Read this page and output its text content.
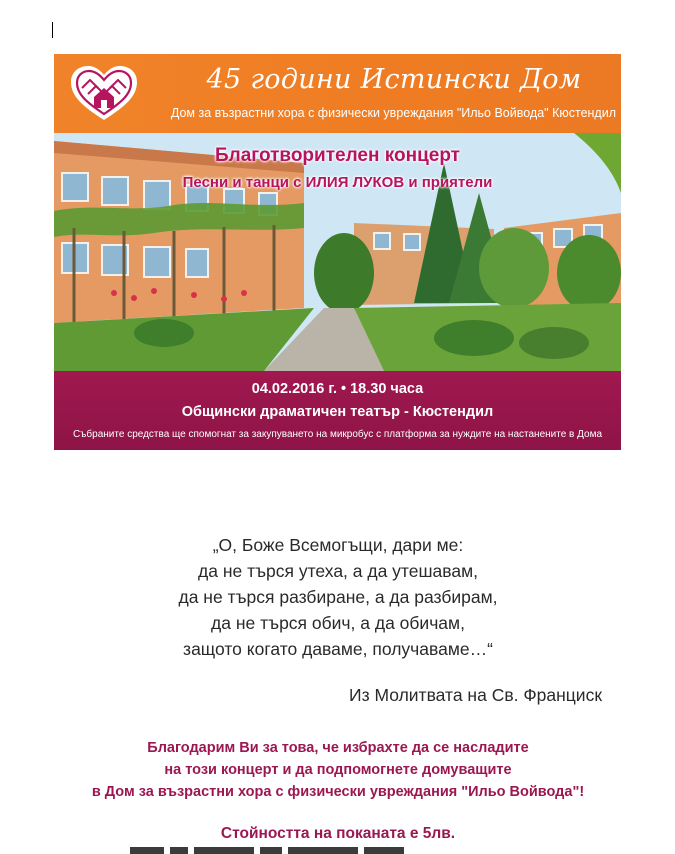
45 години Истински Дом
Дом за възрастни хора с физически увреждания "Ильо Войвода" Кюстендил
Благотворителен концерт
Песни и танци с ИЛИЯ ЛУКОВ и приятели
04.02.2016 г. • 18.30 часа
Общински драматичен театър - Кюстендил
Събраните средства ще спомогнат за закупуването на микробус с платформа за нуждите на настанените в Дома
„О, Боже Всемогъщи, дари ме:
да не търся утеха, а да утешавам,
да не търся разбиране, а да разбирам,
да не търся обич, а да обичам,
защото когато даваме, получаваме…“
Из Молитвата на Св. Франциск
Благодарим Ви за това, че избрахте да се насладите
на този концерт и да подпомогнете домуващите
в Дом за възрастни хора с физически увреждания "Ильо Войвода"!
Стойността на поканата е 5лв.
